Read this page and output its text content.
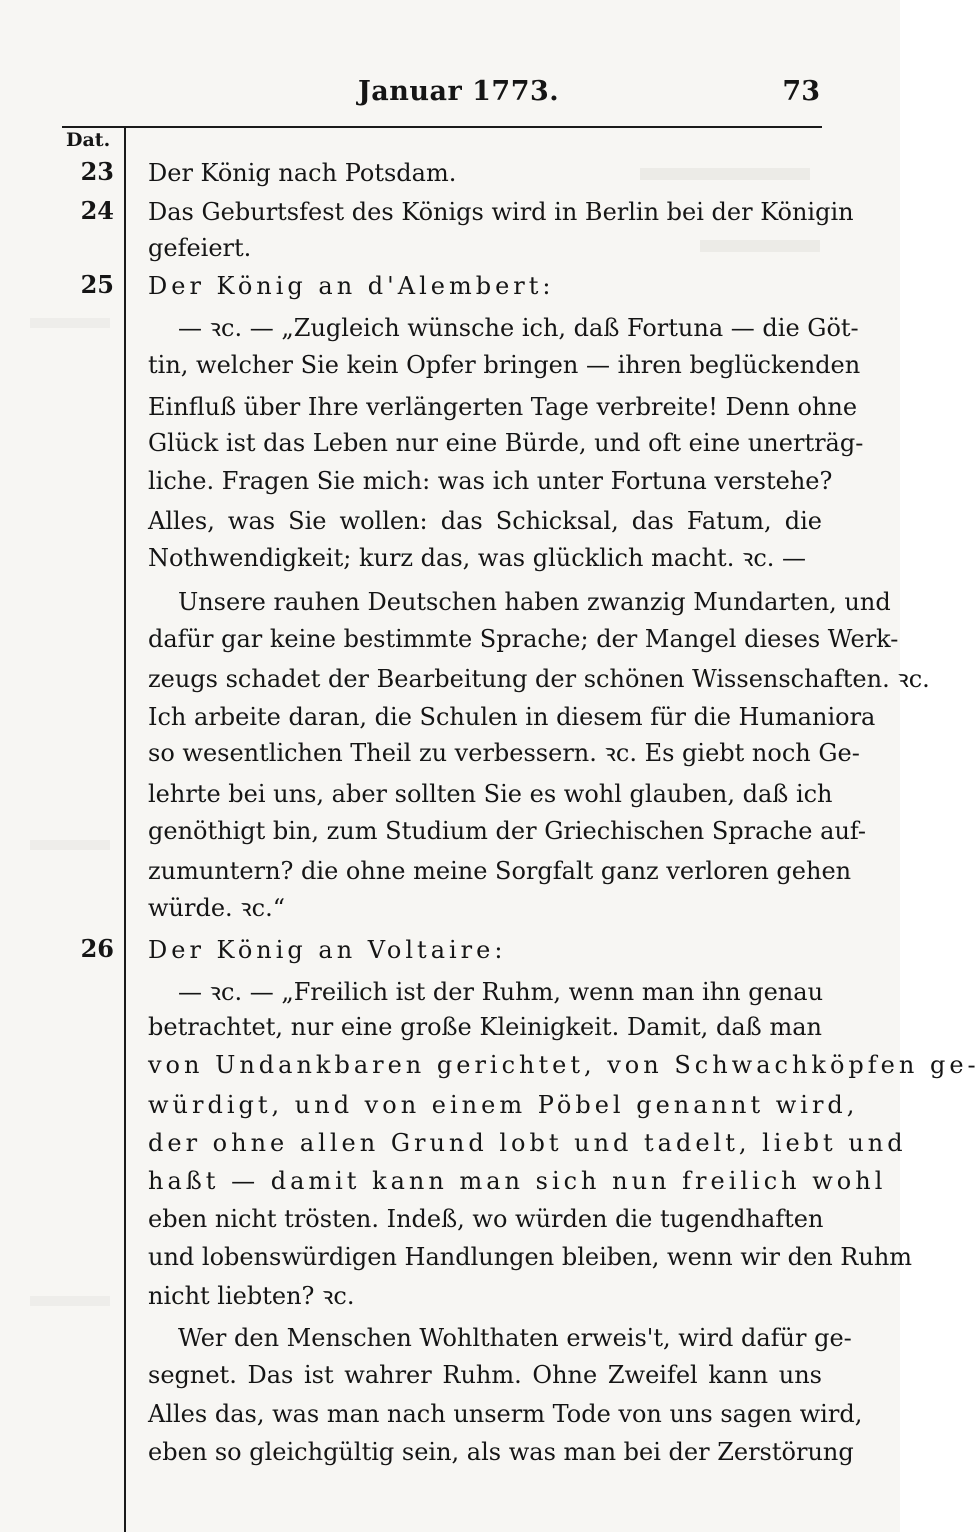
Januar 1773.	73
Dat.
23
24
25
26
Der König nach Potsdam.
Das Geburtsfest des Königs wird in Berlin bei der Königin
gefeiert.
Der König an d'Alembert:
— ꝛc. — „Zugleich wünsche ich, daß Fortuna — die Göt-
tin, welcher Sie kein Opfer bringen — ihren beglückenden
Einfluß über Ihre verlängerten Tage verbreite! Denn ohne
Glück ist das Leben nur eine Bürde, und oft eine unerträg-
liche. Fragen Sie mich: was ich unter Fortuna verstehe?
Alles, was Sie wollen: das Schicksal, das Fatum, die
Nothwendigkeit; kurz das, was glücklich macht. ꝛc. —
Unsere rauhen Deutschen haben zwanzig Mundarten, und
dafür gar keine bestimmte Sprache; der Mangel dieses Werk-
zeugs schadet der Bearbeitung der schönen Wissenschaften. ꝛc.
Ich arbeite daran, die Schulen in diesem für die Humaniora
so wesentlichen Theil zu verbessern. ꝛc. Es giebt noch Ge-
lehrte bei uns, aber sollten Sie es wohl glauben, daß ich
genöthigt bin, zum Studium der Griechischen Sprache auf-
zumuntern? die ohne meine Sorgfalt ganz verloren gehen
würde. ꝛc.“
Der König an Voltaire:
— ꝛc. — „Freilich ist der Ruhm, wenn man ihn genau
betrachtet, nur eine große Kleinigkeit. Damit, daß man
von Undankbaren gerichtet, von Schwachköpfen ge-
würdigt, und von einem Pöbel genannt wird,
der ohne allen Grund lobt und tadelt, liebt und
haßt — damit kann man sich nun freilich wohl
eben nicht trösten. Indeß, wo würden die tugendhaften
und lobenswürdigen Handlungen bleiben, wenn wir den Ruhm
nicht liebten? ꝛc.
Wer den Menschen Wohlthaten erweis't, wird dafür ge-
segnet. Das ist wahrer Ruhm. Ohne Zweifel kann uns
Alles das, was man nach unserm Tode von uns sagen wird,
eben so gleichgültig sein, als was man bei der Zerstörung
